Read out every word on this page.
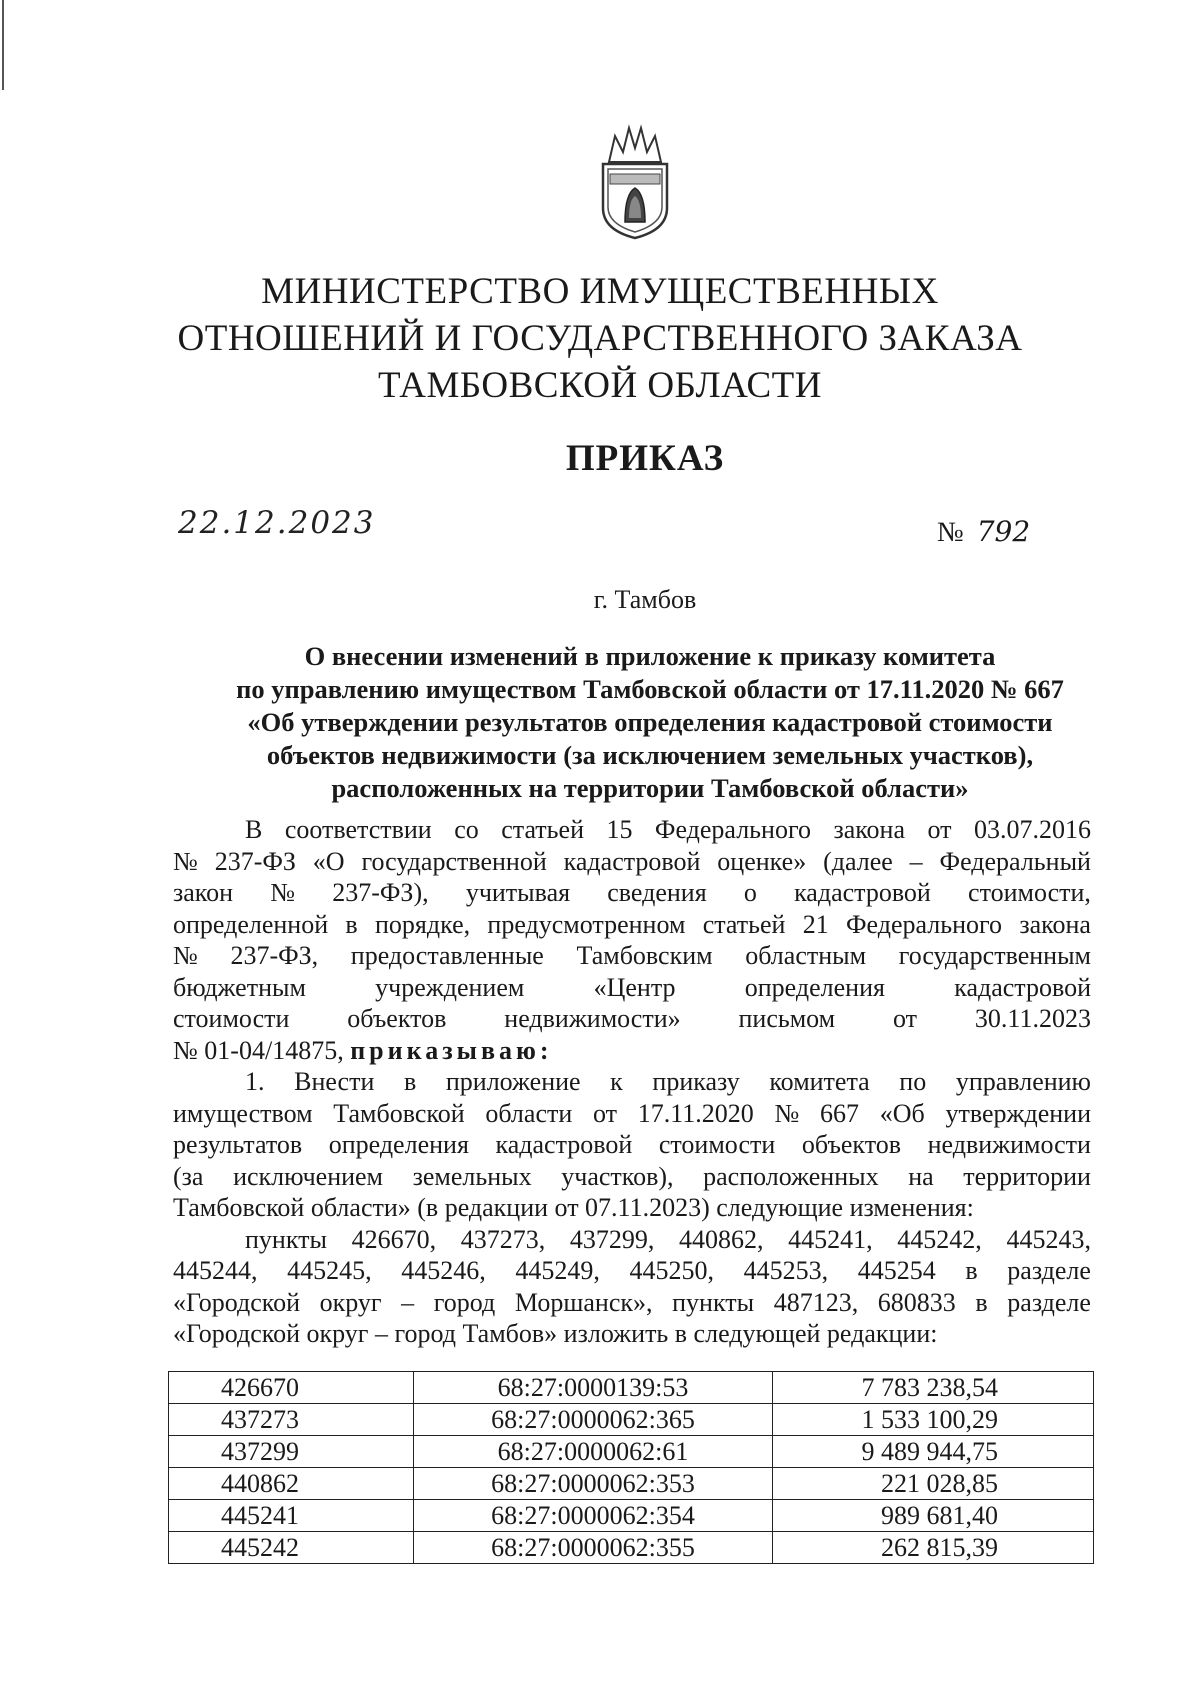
МИНИСТЕРСТВО ИМУЩЕСТВЕННЫХ
ОТНОШЕНИЙ И ГОСУДАРСТВЕННОГО ЗАКАЗА
ТАМБОВСКОЙ ОБЛАСТИ
ПРИКАЗ
22.12.2023	№ 792
г. Тамбов
О внесении изменений в приложение к приказу комитета
по управлению имуществом Тамбовской области от 17.11.2020 № 667
«Об утверждении результатов определения кадастровой стоимости
объектов недвижимости (за исключением земельных участков),
расположенных на территории Тамбовской области»
В соответствии со статьей 15 Федерального закона от 03.07.2016
№ 237-ФЗ «О государственной кадастровой оценке» (далее – Федеральный
закон № 237-ФЗ), учитывая сведения о кадастровой стоимости,
определенной в порядке, предусмотренном статьей 21 Федерального закона
№ 237-ФЗ, предоставленные Тамбовским областным государственным
бюджетным	учреждением	«Центр	определения	кадастровой
стоимости объектов недвижимости» письмом от 30.11.2023
№ 01-04/14875,
приказываю:
1. Внести в приложение к приказу комитета по управлению
имуществом Тамбовской области от 17.11.2020 № 667 «Об утверждении
результатов определения кадастровой стоимости объектов недвижимости
(за исключением земельных участков), расположенных на территории
Тамбовской области» (в редакции от 07.11.2023) следующие изменения:
пункты 426670, 437273, 437299, 440862, 445241, 445242, 445243,
445244, 445245, 445246, 445249, 445250, 445253, 445254 в разделе
«Городской округ – город Моршанск», пункты 487123, 680833 в разделе
«Городской округ – город Тамбов» изложить в следующей редакции:
426670	68:27:0000139:53	7 783 238,54
437273	68:27:0000062:365	1 533 100,29
437299	68:27:0000062:61	9 489 944,75
440862	68:27:0000062:353	221 028,85
445241	68:27:0000062:354	989 681,40
445242	68:27:0000062:355	262 815,39
